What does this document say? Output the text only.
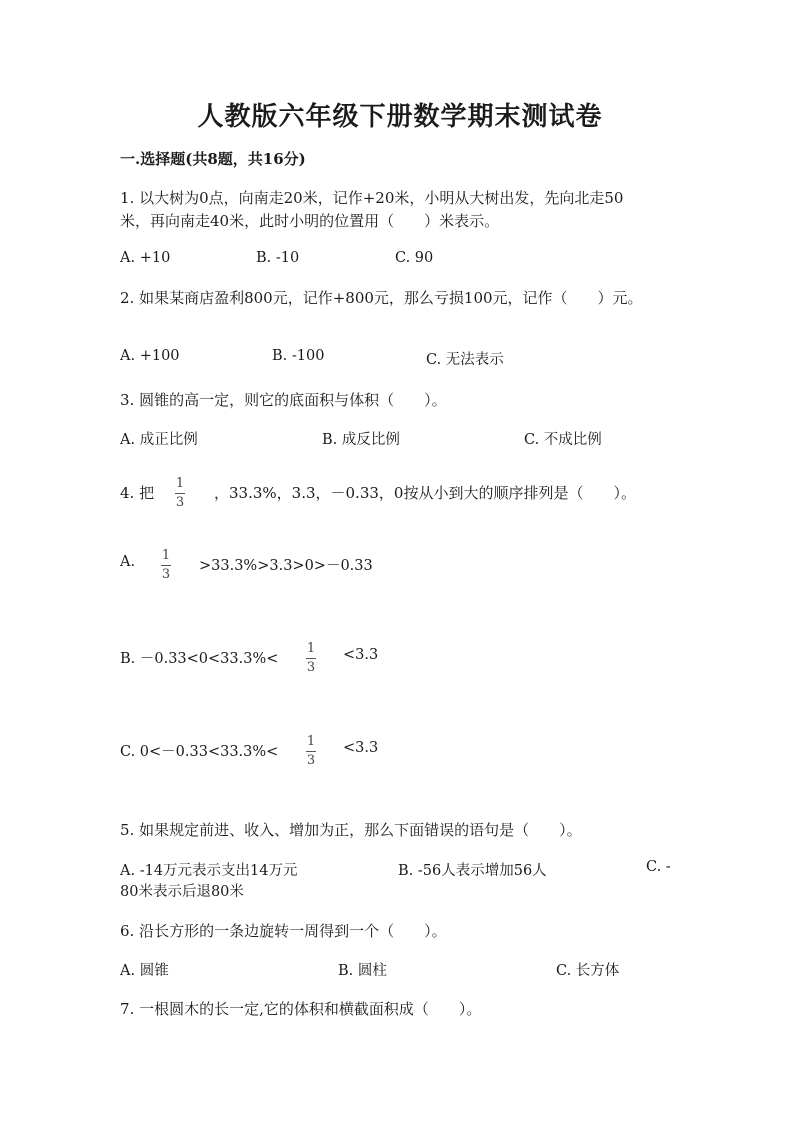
人教版六年级下册数学期末测试卷
一.选择题(共8题，共16分)
1. 以大树为0点，向南走20米，记作+20米，小明从大树出发，先向北走50
米，再向南走40米，此时小明的位置用（　　）米表示。
A. +10	B. -10	C. 90
2. 如果某商店盈利800元，记作+800元，那么亏损100元，记作（　　）元。
A. +100	B. -100	C. 无法表示
3. 圆锥的高一定，则它的底面积与体积（　　）。
A. 成正比例	B. 成反比例	C. 不成比例
4. 把
1
3
，33.3%，3.3，－0.33，0按从小到大的顺序排列是（　　）。
A. 1
3
>33.3%>3.3>0>－0.33
B. －0.33<0<33.3%<
1
3
<3.3
C. 0<－0.33<33.3%<
1
3
<3.3
5. 如果规定前进、收入、增加为正，那么下面错误的语句是（　　）。
A. -14万元表示支出14万元	B. -56人表示增加56人	C. -
80米表示后退80米
6. 沿长方形的一条边旋转一周得到一个（　　）。
A. 圆锥	B. 圆柱	C. 长方体
7. 一根圆木的长一定,它的体积和横截面积成（　　）。
